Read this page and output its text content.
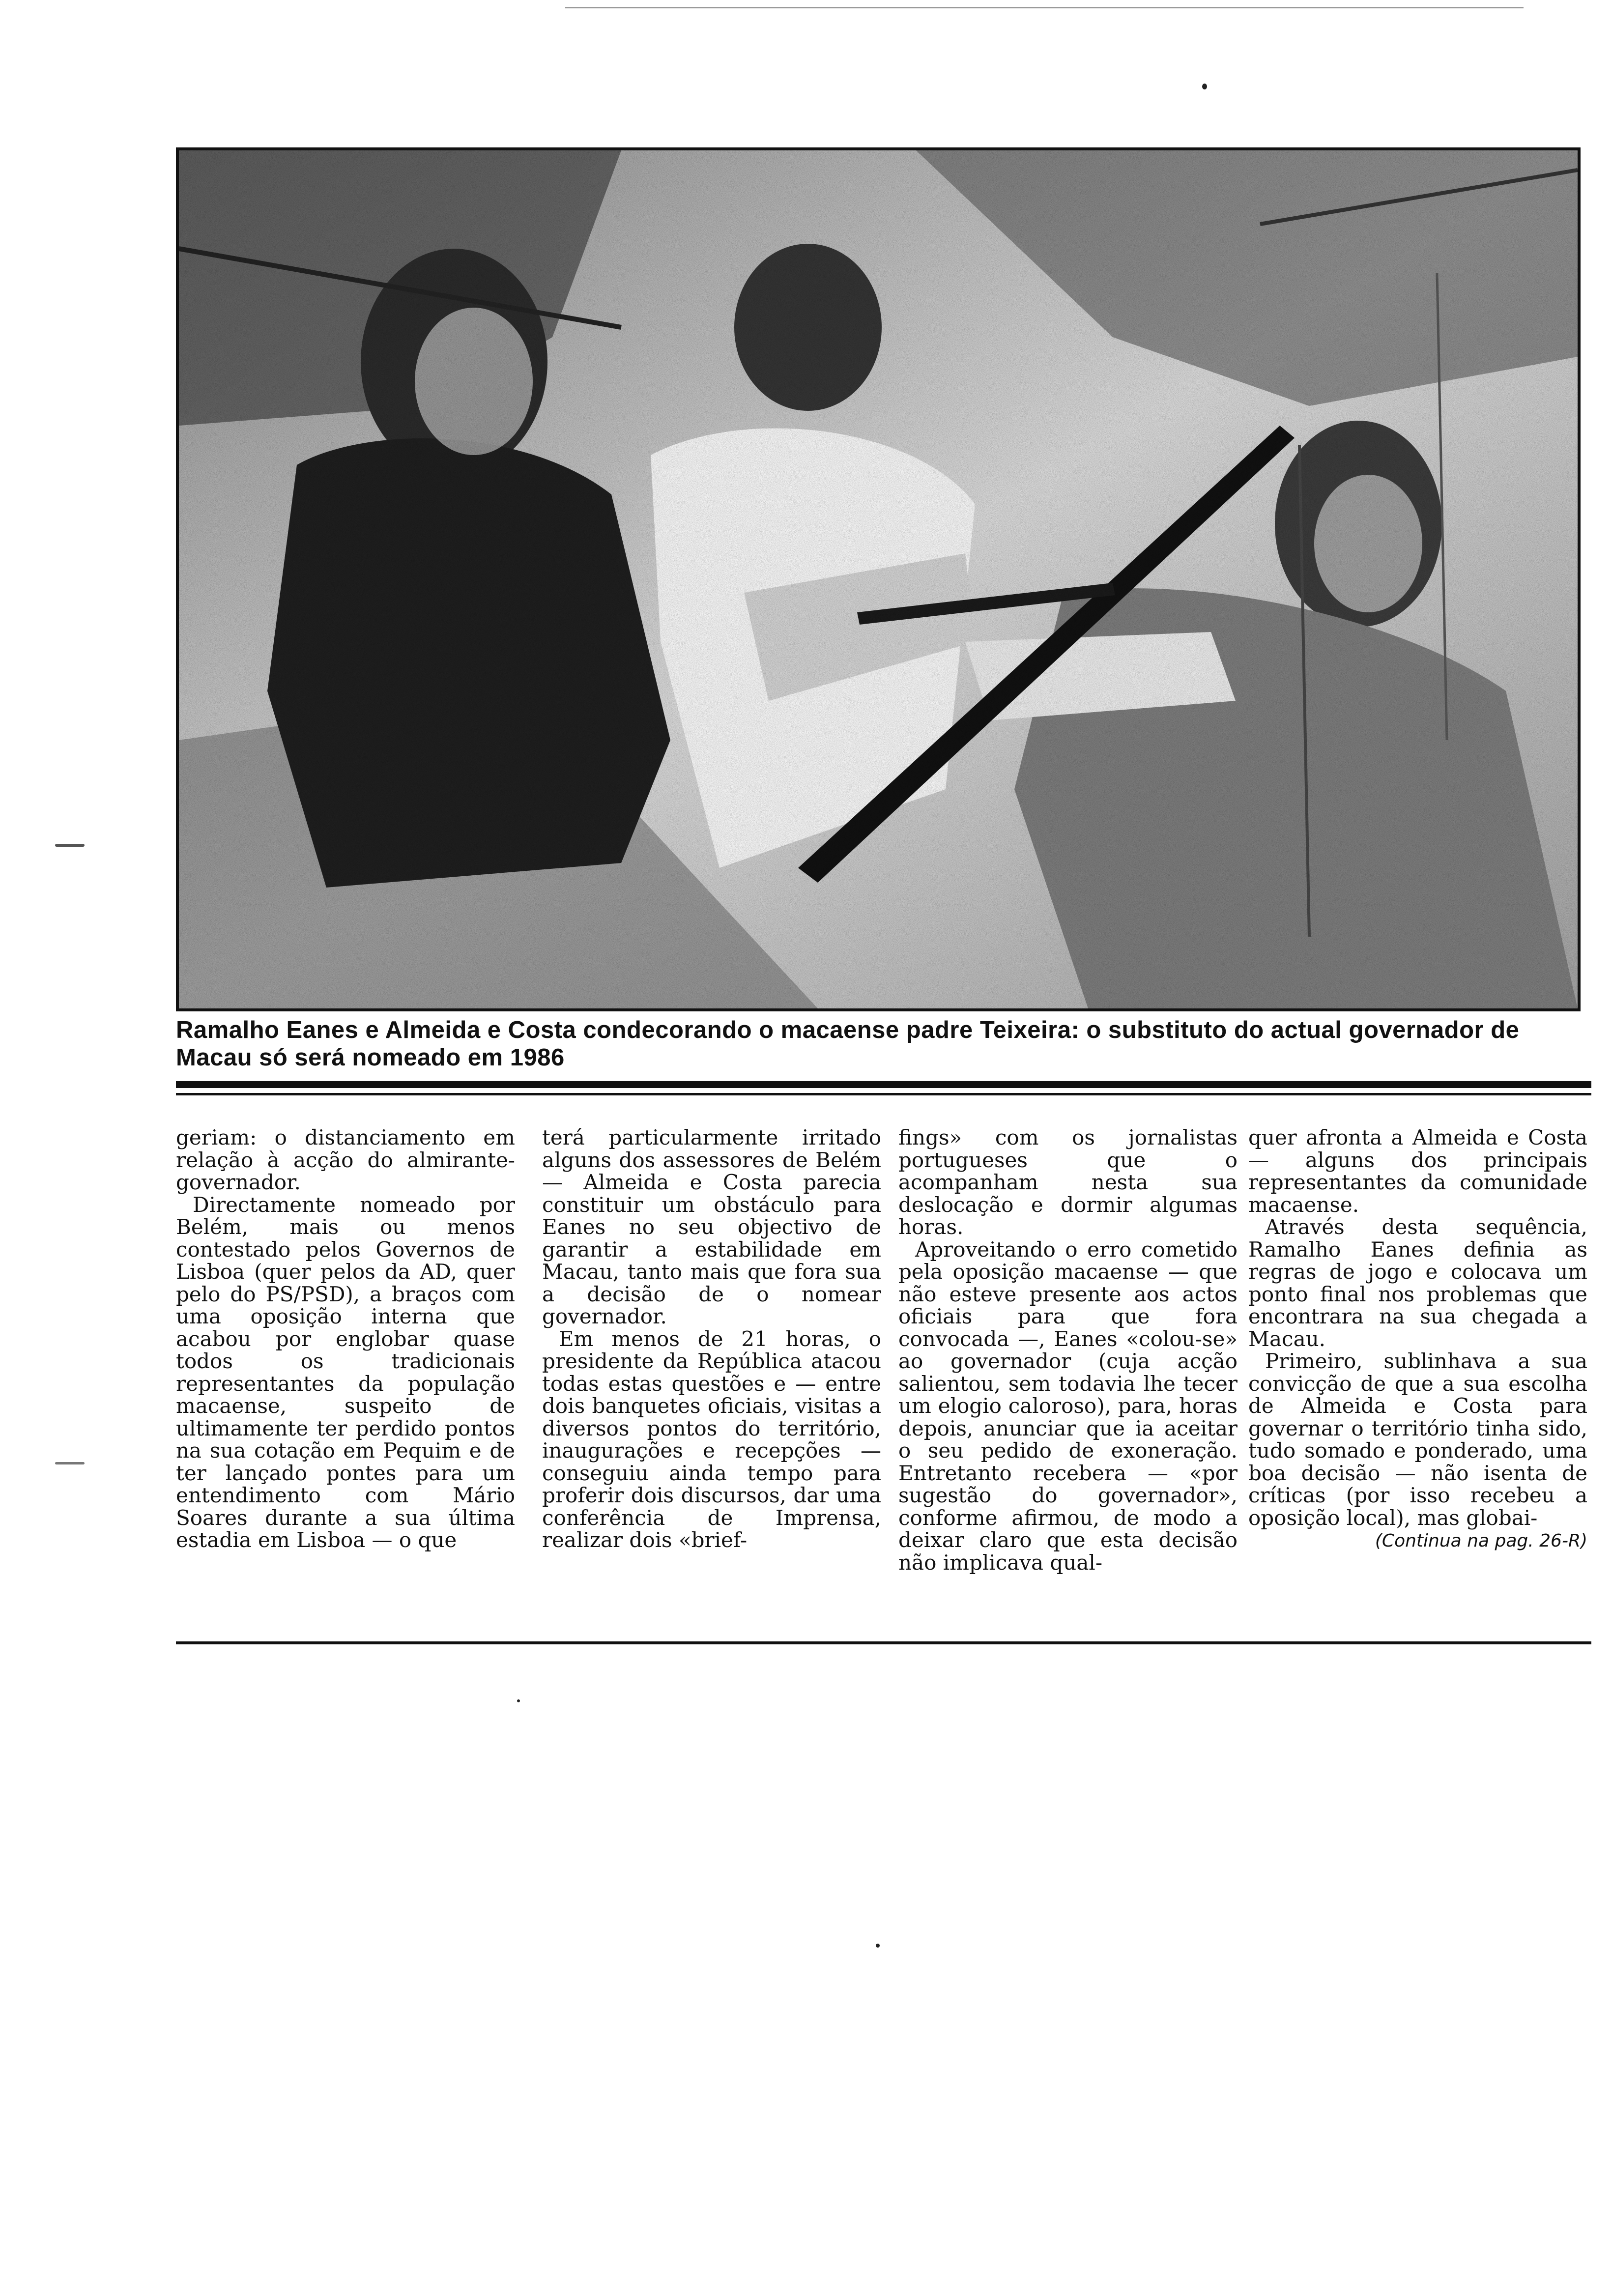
Ramalho Eanes e Almeida e Costa condecorando o macaense padre Teixeira: o substituto do actual governador de Macau só será nomeado em 1986

geriam: o distanciamento em relação à acção do almirante-governador.

Directamente nomeado por Belém, mais ou menos contestado pelos Governos de Lisboa (quer pelos da AD, quer pelo do PS/PSD), a braços com uma oposição interna que acabou por englobar quase todos os tradicionais representantes da população macaense, suspeito de ultimamente ter perdido pontos na sua cotação em Pequim e de ter lançado pontes para um entendimento com Mário Soares durante a sua última estadia em Lisboa — o que

terá particularmente irritado alguns dos assessores de Belém — Almeida e Costa parecia constituir um obstáculo para Eanes no seu objectivo de garantir a estabilidade em Macau, tanto mais que fora sua a decisão de o nomear governador.

Em menos de 21 horas, o presidente da República atacou todas estas questões e — entre dois banquetes oficiais, visitas a diversos pontos do território, inaugurações e recepções — conseguiu ainda tempo para proferir dois discursos, dar uma conferência de Imprensa, realizar dois «brief-

fings» com os jornalistas portugueses que o acompanham nesta sua deslocação e dormir algumas horas.

Aproveitando o erro cometido pela oposição macaense — que não esteve presente aos actos oficiais para que fora convocada —, Eanes «colou-se» ao governador (cuja acção salientou, sem todavia lhe tecer um elogio caloroso), para, horas depois, anunciar que ia aceitar o seu pedido de exoneração. Entretanto recebera — «por sugestão do governador», conforme afirmou, de modo a deixar claro que esta decisão não implicava qual-

quer afronta a Almeida e Costa — alguns dos principais representantes da comunidade macaense.

Através desta sequência, Ramalho Eanes definia as regras de jogo e colocava um ponto final nos problemas que encontrara na sua chegada a Macau.

Primeiro, sublinhava a sua convicção de que a sua escolha de Almeida e Costa para governar o território tinha sido, tudo somado e ponderado, uma boa decisão — não isenta de críticas (por isso recebeu a oposição local), mas globai-

(Continua na pag. 26-R)
